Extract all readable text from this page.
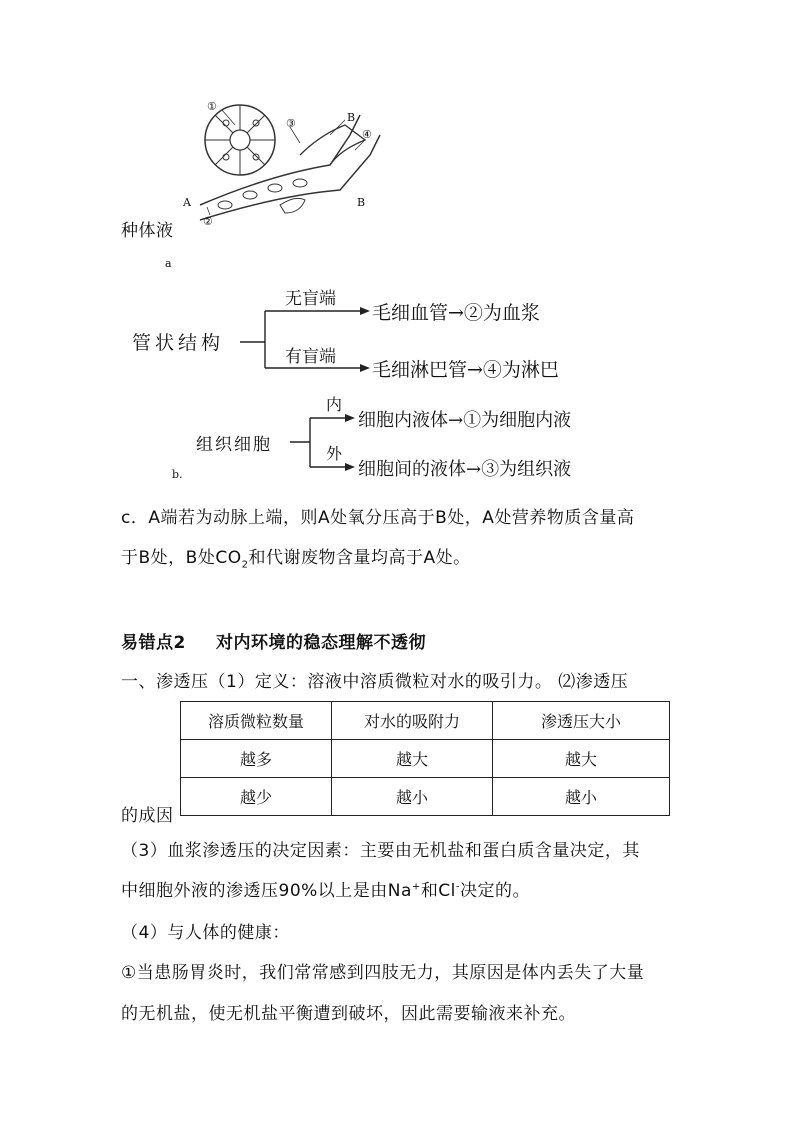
①
③	B
④
A	B
②
种体液
a
管状结构
无盲端
毛细血管→②为血浆
有盲端
毛细淋巴管→④为淋巴
组织细胞
内
细胞内液体→①为细胞内液
外
细胞间的液体→③为组织液
b.
c．A端若为动脉上端，则A处氧分压高于B处，A处营养物质含量高
于B处，B处$CO_2$和代谢废物含量均高于A处。
易错点2 对内环境的稳态理解不透彻
一、渗透压（1）定义：溶液中溶质微粒对水的吸引力。 ⑵渗透压
溶质微粒数量	对水的吸附力	渗透压大小
越多	越大	越大
越少	越小	越小
的成因
（3）血浆渗透压的决定因素：主要由无机盐和蛋白质含量决定，其
中细胞外液的渗透压90%以上是由Na+和Cl-决定的。
（4）与人体的健康：
①当患肠胃炎时，我们常常感到四肢无力，其原因是体内丢失了大量
的无机盐，使无机盐平衡遭到破坏，因此需要输液来补充。
